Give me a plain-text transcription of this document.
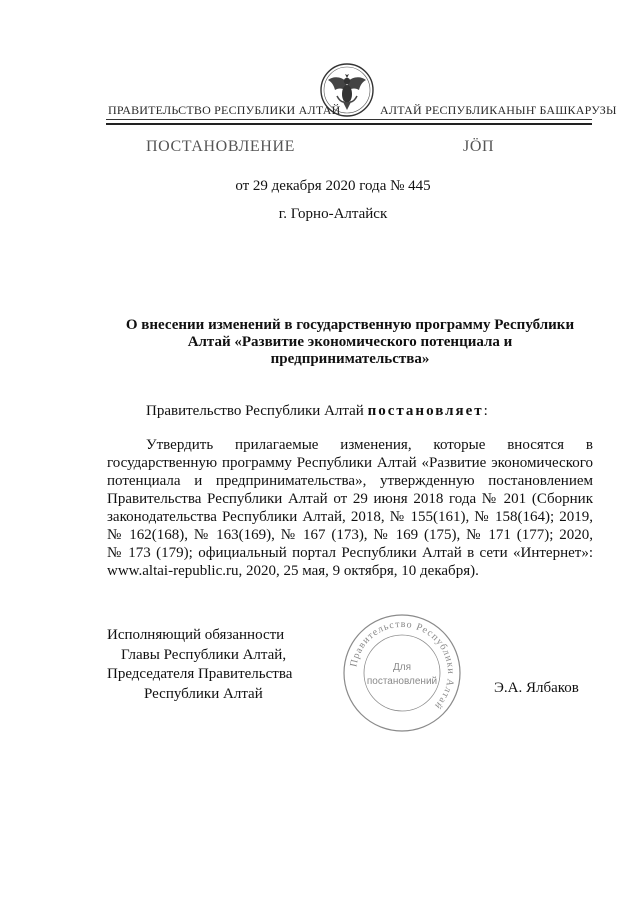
ПРАВИТЕЛЬСТВО РЕСПУБЛИКИ АЛТАЙ	АЛТАЙ РЕСПУБЛИКАНЫҤ БАШКАРУЗЫ
ПОСТАНОВЛЕНИЕ	ЈӦП
от 29 декабря 2020 года № 445
г. Горно-Алтайск
О внесении изменений в государственную программу Республики
Алтай «Развитие экономического потенциала и
предпринимательства»
Правительство Республики Алтай постановляет:
Утвердить прилагаемые изменения, которые вносятся в
государственную программу Республики Алтай «Развитие экономического
потенциала и предпринимательства», утвержденную постановлением
Правительства Республики Алтай от 29 июня 2018 года № 201 (Сборник
законодательства Республики Алтай, 2018, № 155(161), № 158(164); 2019,
№ 162(168), № 163(169), № 167 (173), № 169 (175), № 171 (177); 2020,
№ 173 (179); официальный портал Республики Алтай в сети «Интернет»:
www.altai-republic.ru, 2020, 25 мая, 9 октября, 10 декабря).
Исполняющий обязанности
Главы Республики Алтай,
Председателя Правительства
Республики Алтай
Правительство Республики Алтай
Для
постановлений	Э.А. Ялбаков
